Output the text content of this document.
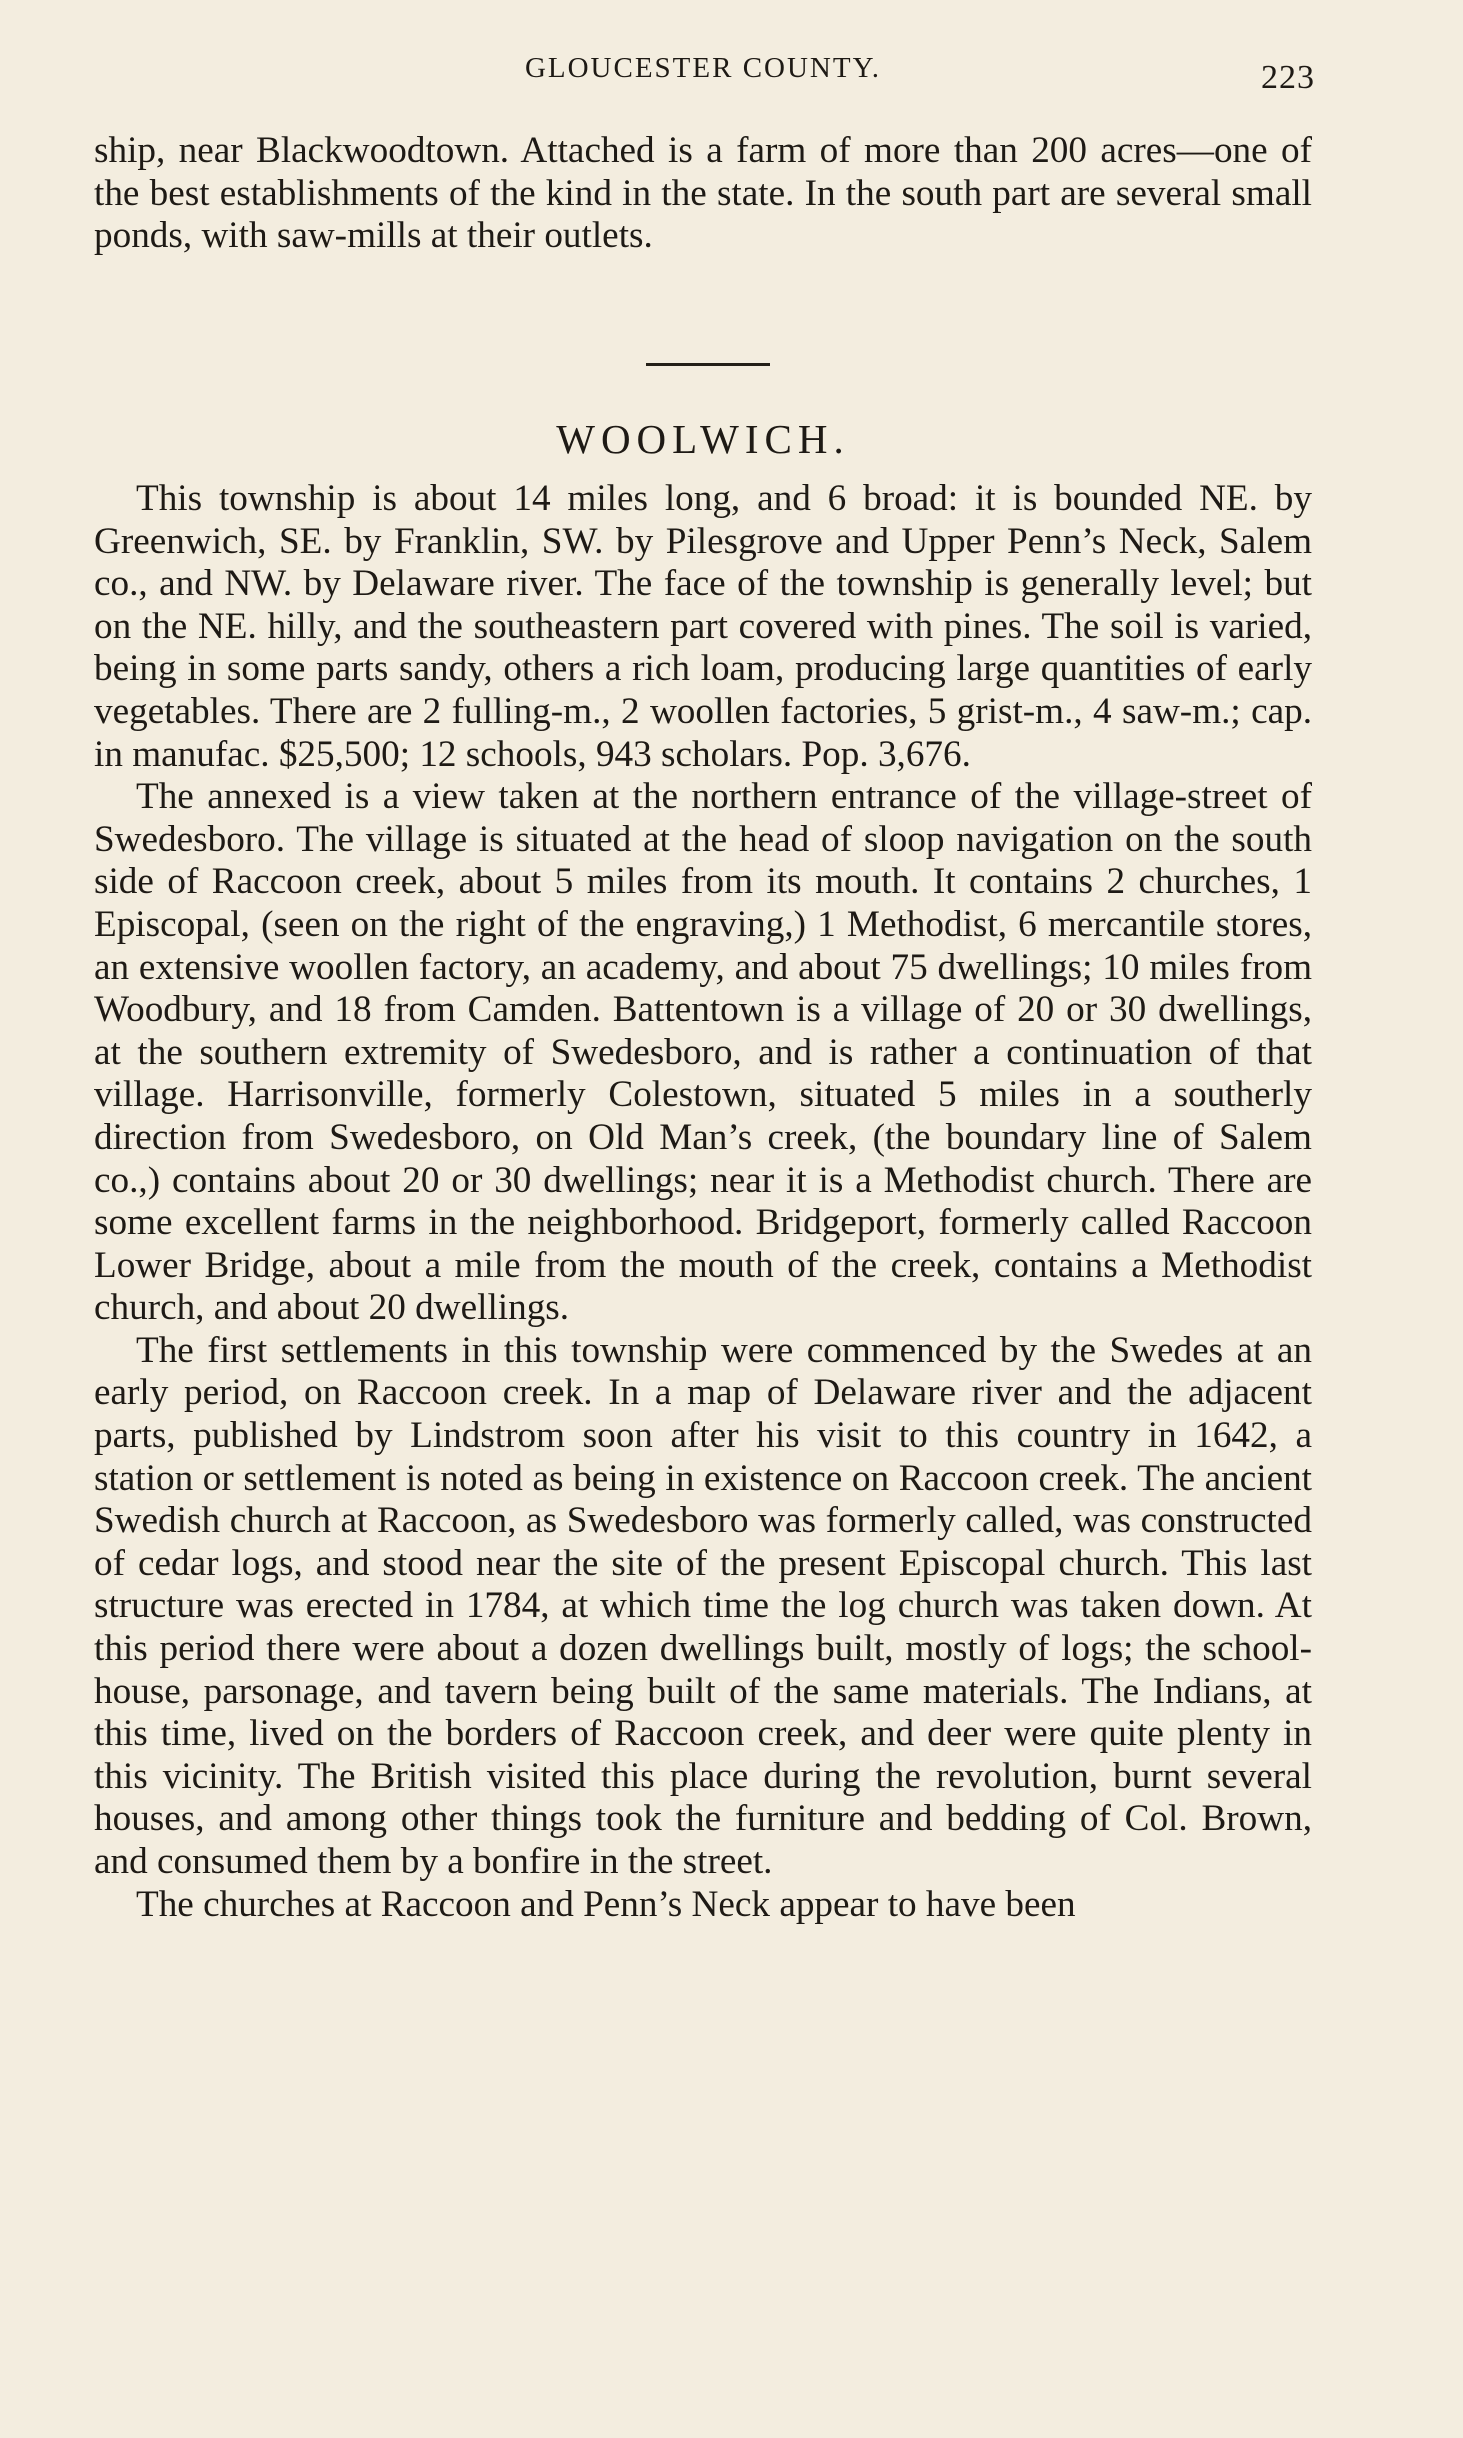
GLOUCESTER COUNTY.	223

ship, near Blackwoodtown. Attached is a farm of more than 200 acres—one of the best establishments of the kind in the state. In the south part are several small ponds, with saw-mills at their outlets.

WOOLWICH.

This township is about 14 miles long, and 6 broad: it is bounded NE. by Greenwich, SE. by Franklin, SW. by Pilesgrove and Upper Penn’s Neck, Salem co., and NW. by Delaware river. The face of the township is generally level; but on the NE. hilly, and the southeastern part covered with pines. The soil is varied, being in some parts sandy, others a rich loam, producing large quantities of early vegetables. There are 2 fulling-m., 2 woollen factories, 5 grist-m., 4 saw-m.; cap. in manufac. $25,500; 12 schools, 943 scholars. Pop. 3,676.

The annexed is a view taken at the northern entrance of the village-street of Swedesboro. The village is situated at the head of sloop navigation on the south side of Raccoon creek, about 5 miles from its mouth. It contains 2 churches, 1 Episcopal, (seen on the right of the engraving,) 1 Methodist, 6 mercantile stores, an extensive woollen factory, an academy, and about 75 dwellings; 10 miles from Woodbury, and 18 from Camden. Battentown is a village of 20 or 30 dwellings, at the southern extremity of Swedesboro, and is rather a continuation of that village. Harrisonville, formerly Colestown, situated 5 miles in a southerly direction from Swedesboro, on Old Man’s creek, (the boundary line of Salem co.,) contains about 20 or 30 dwellings; near it is a Methodist church. There are some excellent farms in the neighborhood. Bridgeport, formerly called Raccoon Lower Bridge, about a mile from the mouth of the creek, contains a Methodist church, and about 20 dwellings.

The first settlements in this township were commenced by the Swedes at an early period, on Raccoon creek. In a map of Delaware river and the adjacent parts, published by Lindstrom soon after his visit to this country in 1642, a station or settlement is noted as being in existence on Raccoon creek. The ancient Swedish church at Raccoon, as Swedesboro was formerly called, was constructed of cedar logs, and stood near the site of the present Episcopal church. This last structure was erected in 1784, at which time the log church was taken down. At this period there were about a dozen dwellings built, mostly of logs; the school-house, parsonage, and tavern being built of the same materials. The Indians, at this time, lived on the borders of Raccoon creek, and deer were quite plenty in this vicinity. The British visited this place during the revolution, burnt several houses, and among other things took the furniture and bedding of Col. Brown, and consumed them by a bonfire in the street.

The churches at Raccoon and Penn’s Neck appear to have been
